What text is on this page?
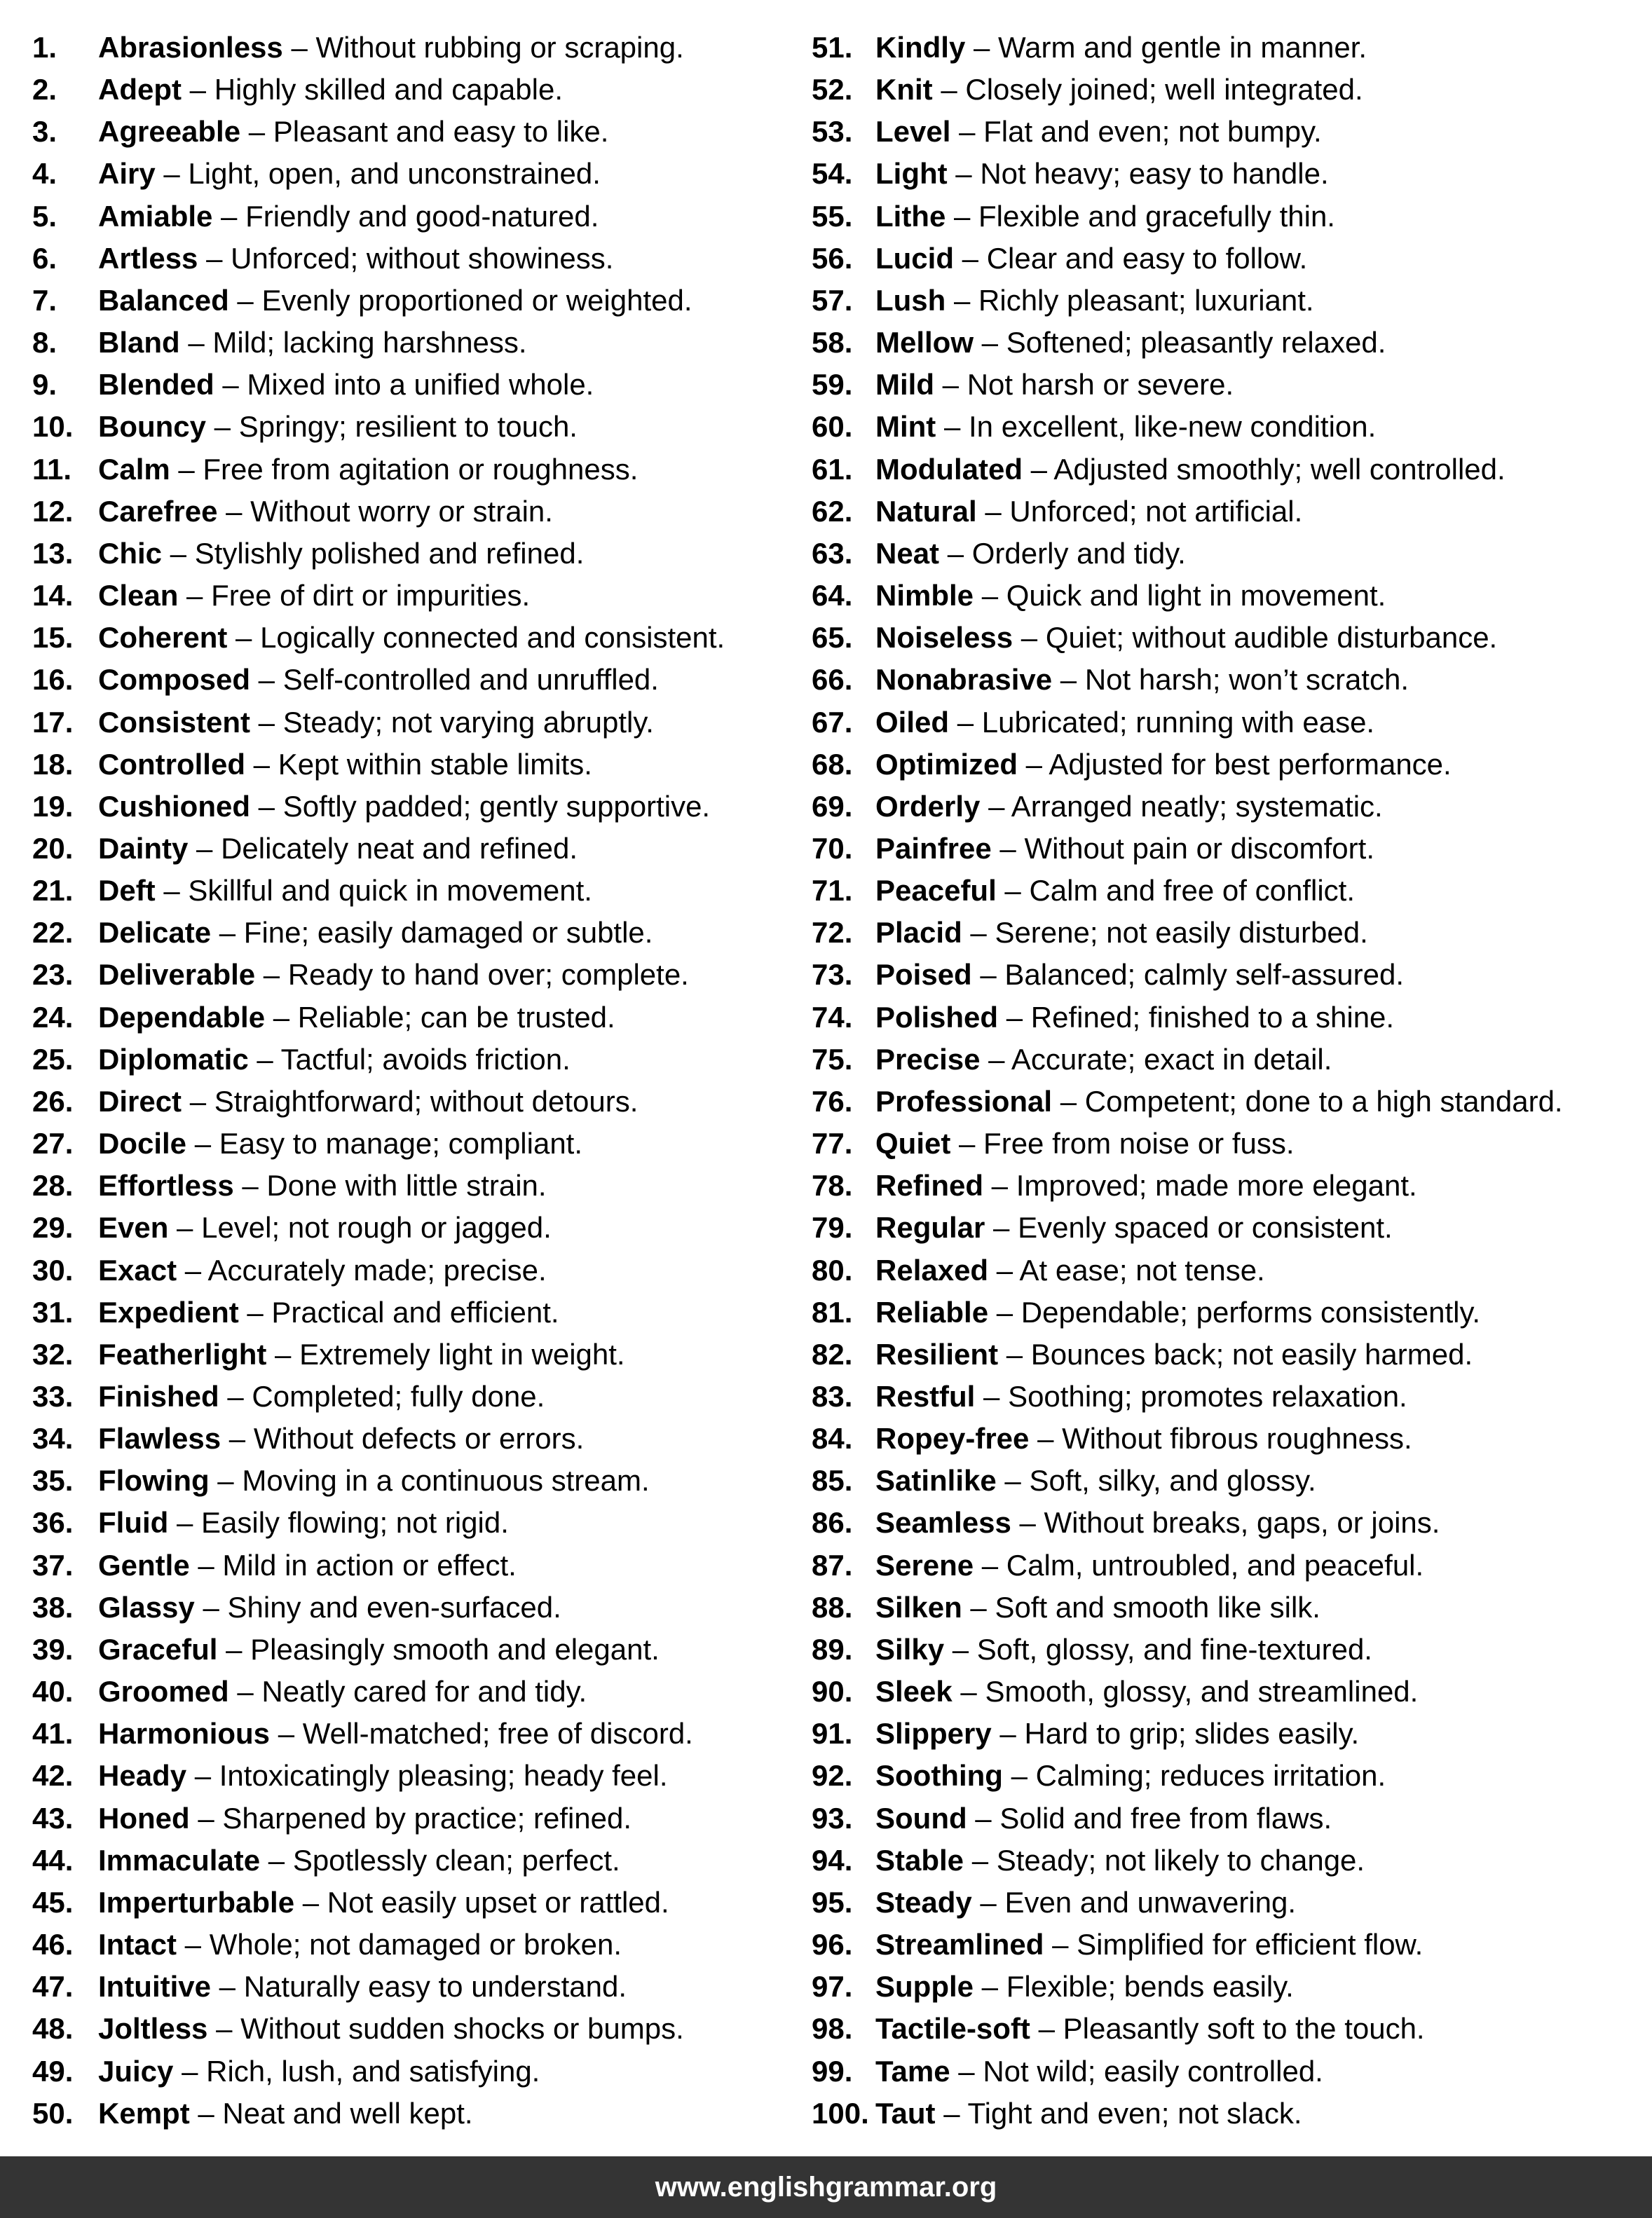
1. Abrasionless – Without rubbing or scraping.
2. Adept – Highly skilled and capable.
3. Agreeable – Pleasant and easy to like.
4. Airy – Light, open, and unconstrained.
5. Amiable – Friendly and good-natured.
6. Artless – Unforced; without showiness.
7. Balanced – Evenly proportioned or weighted.
8. Bland – Mild; lacking harshness.
9. Blended – Mixed into a unified whole.
10. Bouncy – Springy; resilient to touch.
11. Calm – Free from agitation or roughness.
12. Carefree – Without worry or strain.
13. Chic – Stylishly polished and refined.
14. Clean – Free of dirt or impurities.
15. Coherent – Logically connected and consistent.
16. Composed – Self-controlled and unruffled.
17. Consistent – Steady; not varying abruptly.
18. Controlled – Kept within stable limits.
19. Cushioned – Softly padded; gently supportive.
20. Dainty – Delicately neat and refined.
21. Deft – Skillful and quick in movement.
22. Delicate – Fine; easily damaged or subtle.
23. Deliverable – Ready to hand over; complete.
24. Dependable – Reliable; can be trusted.
25. Diplomatic – Tactful; avoids friction.
26. Direct – Straightforward; without detours.
27. Docile – Easy to manage; compliant.
28. Effortless – Done with little strain.
29. Even – Level; not rough or jagged.
30. Exact – Accurately made; precise.
31. Expedient – Practical and efficient.
32. Featherlight – Extremely light in weight.
33. Finished – Completed; fully done.
34. Flawless – Without defects or errors.
35. Flowing – Moving in a continuous stream.
36. Fluid – Easily flowing; not rigid.
37. Gentle – Mild in action or effect.
38. Glassy – Shiny and even-surfaced.
39. Graceful – Pleasingly smooth and elegant.
40. Groomed – Neatly cared for and tidy.
41. Harmonious – Well-matched; free of discord.
42. Heady – Intoxicatingly pleasing; heady feel.
43. Honed – Sharpened by practice; refined.
44. Immaculate – Spotlessly clean; perfect.
45. Imperturbable – Not easily upset or rattled.
46. Intact – Whole; not damaged or broken.
47. Intuitive – Naturally easy to understand.
48. Joltless – Without sudden shocks or bumps.
49. Juicy – Rich, lush, and satisfying.
50. Kempt – Neat and well kept.
51. Kindly – Warm and gentle in manner.
52. Knit – Closely joined; well integrated.
53. Level – Flat and even; not bumpy.
54. Light – Not heavy; easy to handle.
55. Lithe – Flexible and gracefully thin.
56. Lucid – Clear and easy to follow.
57. Lush – Richly pleasant; luxuriant.
58. Mellow – Softened; pleasantly relaxed.
59. Mild – Not harsh or severe.
60. Mint – In excellent, like-new condition.
61. Modulated – Adjusted smoothly; well controlled.
62. Natural – Unforced; not artificial.
63. Neat – Orderly and tidy.
64. Nimble – Quick and light in movement.
65. Noiseless – Quiet; without audible disturbance.
66. Nonabrasive – Not harsh; won’t scratch.
67. Oiled – Lubricated; running with ease.
68. Optimized – Adjusted for best performance.
69. Orderly – Arranged neatly; systematic.
70. Painfree – Without pain or discomfort.
71. Peaceful – Calm and free of conflict.
72. Placid – Serene; not easily disturbed.
73. Poised – Balanced; calmly self-assured.
74. Polished – Refined; finished to a shine.
75. Precise – Accurate; exact in detail.
76. Professional – Competent; done to a high standard.
77. Quiet – Free from noise or fuss.
78. Refined – Improved; made more elegant.
79. Regular – Evenly spaced or consistent.
80. Relaxed – At ease; not tense.
81. Reliable – Dependable; performs consistently.
82. Resilient – Bounces back; not easily harmed.
83. Restful – Soothing; promotes relaxation.
84. Ropey-free – Without fibrous roughness.
85. Satinlike – Soft, silky, and glossy.
86. Seamless – Without breaks, gaps, or joins.
87. Serene – Calm, untroubled, and peaceful.
88. Silken – Soft and smooth like silk.
89. Silky – Soft, glossy, and fine-textured.
90. Sleek – Smooth, glossy, and streamlined.
91. Slippery – Hard to grip; slides easily.
92. Soothing – Calming; reduces irritation.
93. Sound – Solid and free from flaws.
94. Stable – Steady; not likely to change.
95. Steady – Even and unwavering.
96. Streamlined – Simplified for efficient flow.
97. Supple – Flexible; bends easily.
98. Tactile-soft – Pleasantly soft to the touch.
99. Tame – Not wild; easily controlled.
100. Taut – Tight and even; not slack.
www.englishgrammar.org
